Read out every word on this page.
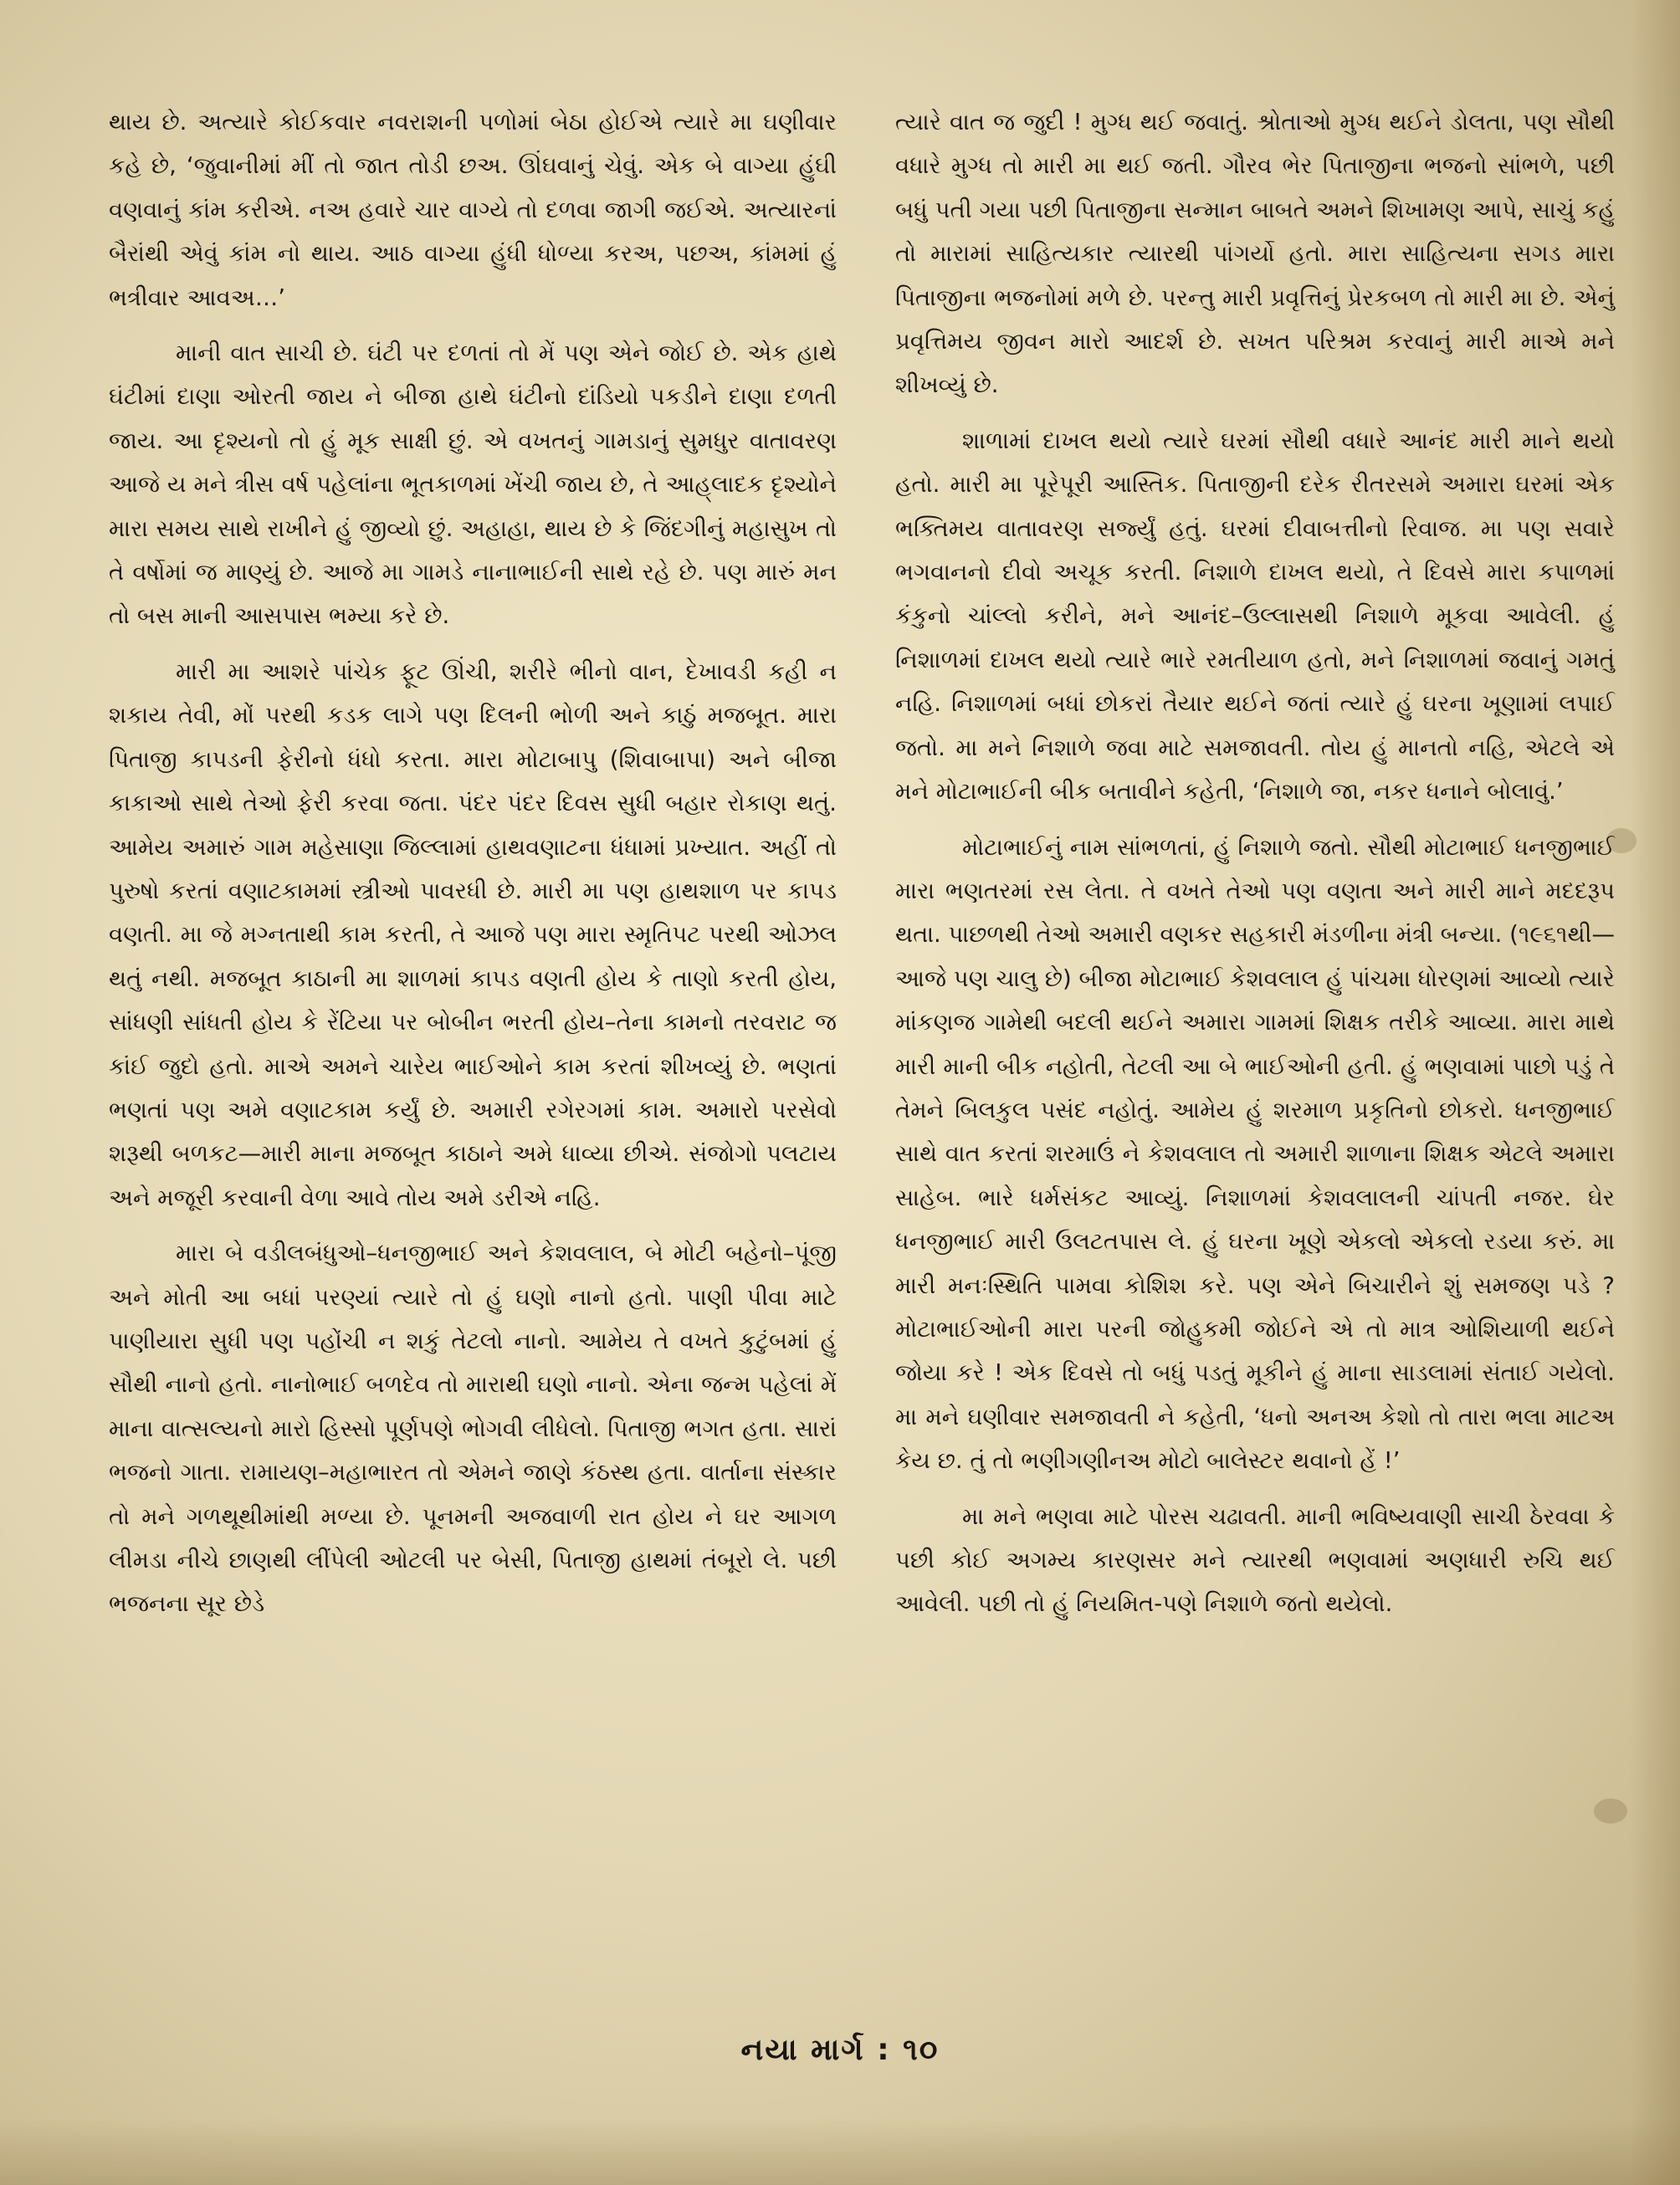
થાય છે. અત્યારે કોઈકવાર નવરાશની પળોમાં બેઠા હોઈએ ત્યારે મા ઘણીવાર કહે છે, ‘જુવાનીમાં મીં તો જાત તોડી છઅ. ઊંઘવાનું ચેવું. એક બે વાગ્યા હુંઘી વણવાનું કાંમ કરીએ. નઅ હવારે ચાર વાગ્યે તો દળવા જાગી જઈએ. અત્યારનાં બૈરાંથી એવું કાંમ નો થાય. આઠ વાગ્યા હુંધી ધોળ્યા કરઅ, પછઅ, કાંમમાં હું ભત્રીવાર આવઅ…’

માની વાત સાચી છે. ઘંટી પર દળતાં તો મેં પણ એને જોઈ છે. એક હાથે ઘંટીમાં દાણા ઓરતી જાય ને બીજા હાથે ઘંટીનો દાંડિયો પકડીને દાણા દળતી જાય. આ દૃશ્યનો તો હું મૂક સાક્ષી છું. એ વખતનું ગામડાનું સુમધુર વાતાવરણ આજે ય મને ત્રીસ વર્ષ પહેલાંના ભૂતકાળમાં ખેંચી જાય છે, તે આહ્‌લાદક દૃશ્યોને મારા સમય સાથે રાખીને હું જીવ્યો છું. અહાહા, થાય છે કે જિંદગીનું મહાસુખ તો તે વર્ષોમાં જ માણ્યું છે. આજે મા ગામડે નાનાભાઈની સાથે રહે છે. પણ મારું મન તો બસ માની આસપાસ ભમ્યા કરે છે.

મારી મા આશરે પાંચેક ફૂટ ઊંચી, શરીરે ભીનો વાન, દેખાવડી કહી ન શકાય તેવી, મોં પરથી કડક લાગે પણ દિલની ભોળી અને કાઠું મજબૂત. મારા પિતાજી કાપડની ફેરીનો ધંધો કરતા. મારા મોટાબાપુ (શિવાબાપા) અને બીજા કાકાઓ સાથે તેઓ ફેરી કરવા જતા. પંદર પંદર દિવસ સુધી બહાર રોકાણ થતું. આમેય અમારું ગામ મહેસાણા જિલ્લામાં હાથવણાટના ધંધામાં પ્રખ્યાત. અહીં તો પુરુષો કરતાં વણાટકામમાં સ્ત્રીઓ પાવરધી છે. મારી મા પણ હાથશાળ પર કાપડ વણતી. મા જે મગ્નતાથી કામ કરતી, તે આજે પણ મારા સ્મૃતિપટ પરથી ઓઝલ થતું નથી. મજબૂત કાઠાની મા શાળમાં કાપડ વણતી હોય કે તાણો કરતી હોય, સાંધણી સાંધતી હોય કે રેંટિયા પર બોબીન ભરતી હોય–તેના કામનો તરવરાટ જ કાંઈ જુદો હતો. માએ અમને ચારેય ભાઈઓને કામ કરતાં શીખવ્યું છે. ભણતાં ભણતાં પણ અમે વણાટકામ કર્યું છે. અમારી રગેરગમાં કામ. અમારો પરસેવો શરૂથી બળકટ—મારી માના મજબૂત કાઠાને અમે ધાવ્યા છીએ. સંજોગો પલટાય અને મજૂરી કરવાની વેળા આવે તોય અમે ડરીએ નહિ.

મારા બે વડીલબંધુઓ–ધનજીભાઈ અને કેશવલાલ, બે મોટી બહેનો–પૂંજી અને મોતી આ બધાં પરણ્યાં ત્યારે તો હું ઘણો નાનો હતો. પાણી પીવા માટે પાણીયારા સુધી પણ પહોંચી ન શકું તેટલો નાનો. આમેય તે વખતે કુટુંબમાં હું સૌથી નાનો હતો. નાનોભાઈ બળદેવ તો મારાથી ઘણો નાનો. એના જન્મ પહેલાં મેં માના વાત્સલ્યનો મારો હિસ્સો પૂર્ણપણે ભોગવી લીધેલો. પિતાજી ભગત હતા. સારાં ભજનો ગાતા. રામાયણ–મહાભારત તો એમને જાણે કંઠસ્થ હતા. વાર્તાના સંસ્કાર તો મને ગળથૂથીમાંથી મળ્યા છે. પૂનમની અજવાળી રાત હોય ને ઘર આગળ લીમડા નીચે છાણથી લીંપેલી ઓટલી પર બેસી, પિતાજી હાથમાં તંબૂરો લે. પછી ભજનના સૂર છેડે

ત્યારે વાત જ જુદી ! મુગ્ધ થઈ જવાતું. શ્રોતાઓ મુગ્ધ થઈને ડોલતા, પણ સૌથી વધારે મુગ્ધ તો મારી મા થઈ જતી. ગૌરવ ભેર પિતાજીના ભજનો સાંભળે, પછી બધું પતી ગયા પછી પિતાજીના સન્માન બાબતે અમને શિખામણ આપે, સાચું કહું તો મારામાં સાહિત્યકાર ત્યારથી પાંગર્યો હતો. મારા સાહિત્યના સગડ મારા પિતાજીના ભજનોમાં મળે છે. પરન્તુ મારી પ્રવૃત્તિનું પ્રેરકબળ તો મારી મા છે. એનું પ્રવૃત્તિમય જીવન મારો આદર્શ છે. સખત પરિશ્રમ કરવાનું મારી માએ મને શીખવ્યું છે.

શાળામાં દાખલ થયો ત્યારે ઘરમાં સૌથી વધારે આનંદ મારી માને થયો હતો. મારી મા પૂરેપૂરી આસ્તિક. પિતાજીની દરેક રીતરસમે અમારા ઘરમાં એક ભક્તિમય વાતાવરણ સર્જ્યું હતું. ઘરમાં દીવાબત્તીનો રિવાજ. મા પણ સવારે ભગવાનનો દીવો અચૂક કરતી. નિશાળે દાખલ થયો, તે દિવસે મારા કપાળમાં કંકુનો ચાંલ્લો કરીને, મને આનંદ–ઉલ્લાસથી નિશાળે મૂકવા આવેલી. હું નિશાળમાં દાખલ થયો ત્યારે ભારે રમતીયાળ હતો, મને નિશાળમાં જવાનું ગમતું નહિ. નિશાળમાં બધાં છોકરાં તૈયાર થઈને જતાં ત્યારે હું ઘરના ખૂણામાં લપાઈ જતો. મા મને નિશાળે જવા માટે સમજાવતી. તોય હું માનતો નહિ, એટલે એ મને મોટાભાઈની બીક બતાવીને કહેતી, ‘નિશાળે જા, નકર ધનાને બોલાવું.’

મોટાભાઈનું નામ સાંભળતાં, હું નિશાળે જતો. સૌથી મોટાભાઈ ધનજીભાઈ મારા ભણતરમાં રસ લેતા. તે વખતે તેઓ પણ વણતા અને મારી માને મદદરૂપ થતા. પાછળથી તેઓ અમારી વણકર સહકારી મંડળીના મંત્રી બન્યા. (૧૯૬૧થી—આજે પણ ચાલુ છે) બીજા મોટાભાઈ કેશવલાલ હું પાંચમા ધોરણમાં આવ્યો ત્યારે માંકણજ ગામેથી બદલી થઈને અમારા ગામમાં શિક્ષક તરીકે આવ્યા. મારા માથે મારી માની બીક નહોતી, તેટલી આ બે ભાઈઓની હતી. હું ભણવામાં પાછો પડું તે તેમને બિલકુલ પસંદ નહોતું. આમેય હું શરમાળ પ્રકૃતિનો છોકરો. ધનજીભાઈ સાથે વાત કરતાં શરમાઉં ને કેશવલાલ તો અમારી શાળાના શિક્ષક એટલે અમારા સાહેબ. ભારે ધર્મસંકટ આવ્યું. નિશાળમાં કેશવલાલની ચાંપતી નજર. ઘેર ધનજીભાઈ મારી ઉલટતપાસ લે. હું ઘરના ખૂણે એકલો એકલો રડયા કરું. મા મારી મનઃસ્થિતિ પામવા કોશિશ કરે. પણ એને બિચારીને શું સમજણ પડે ? મોટાભાઈઓની મારા પરની જોહુકમી જોઈને એ તો માત્ર ઓશિયાળી થઈને જોયા કરે ! એક દિવસે તો બધું પડતું મૂકીને હું માના સાડલામાં સંતાઈ ગયેલો. મા મને ઘણીવાર સમજાવતી ને કહેતી, ‘ધનો અનઅ કેશો તો તારા ભલા માટઅ કેય છ. તું તો ભણીગણીનઅ મોટો બાલેસ્ટર થવાનો હેં !’

મા મને ભણવા માટે પોરસ ચઢાવતી. માની ભવિષ્યવાણી સાચી ઠેરવવા કે પછી કોઈ અગમ્ય કારણસર મને ત્યારથી ભણવામાં અણધારી રુચિ થઈ આવેલી. પછી તો હું નિયમિત-પણે નિશાળે જતો થયેલો.

નયા માર્ગ : ૧૦
